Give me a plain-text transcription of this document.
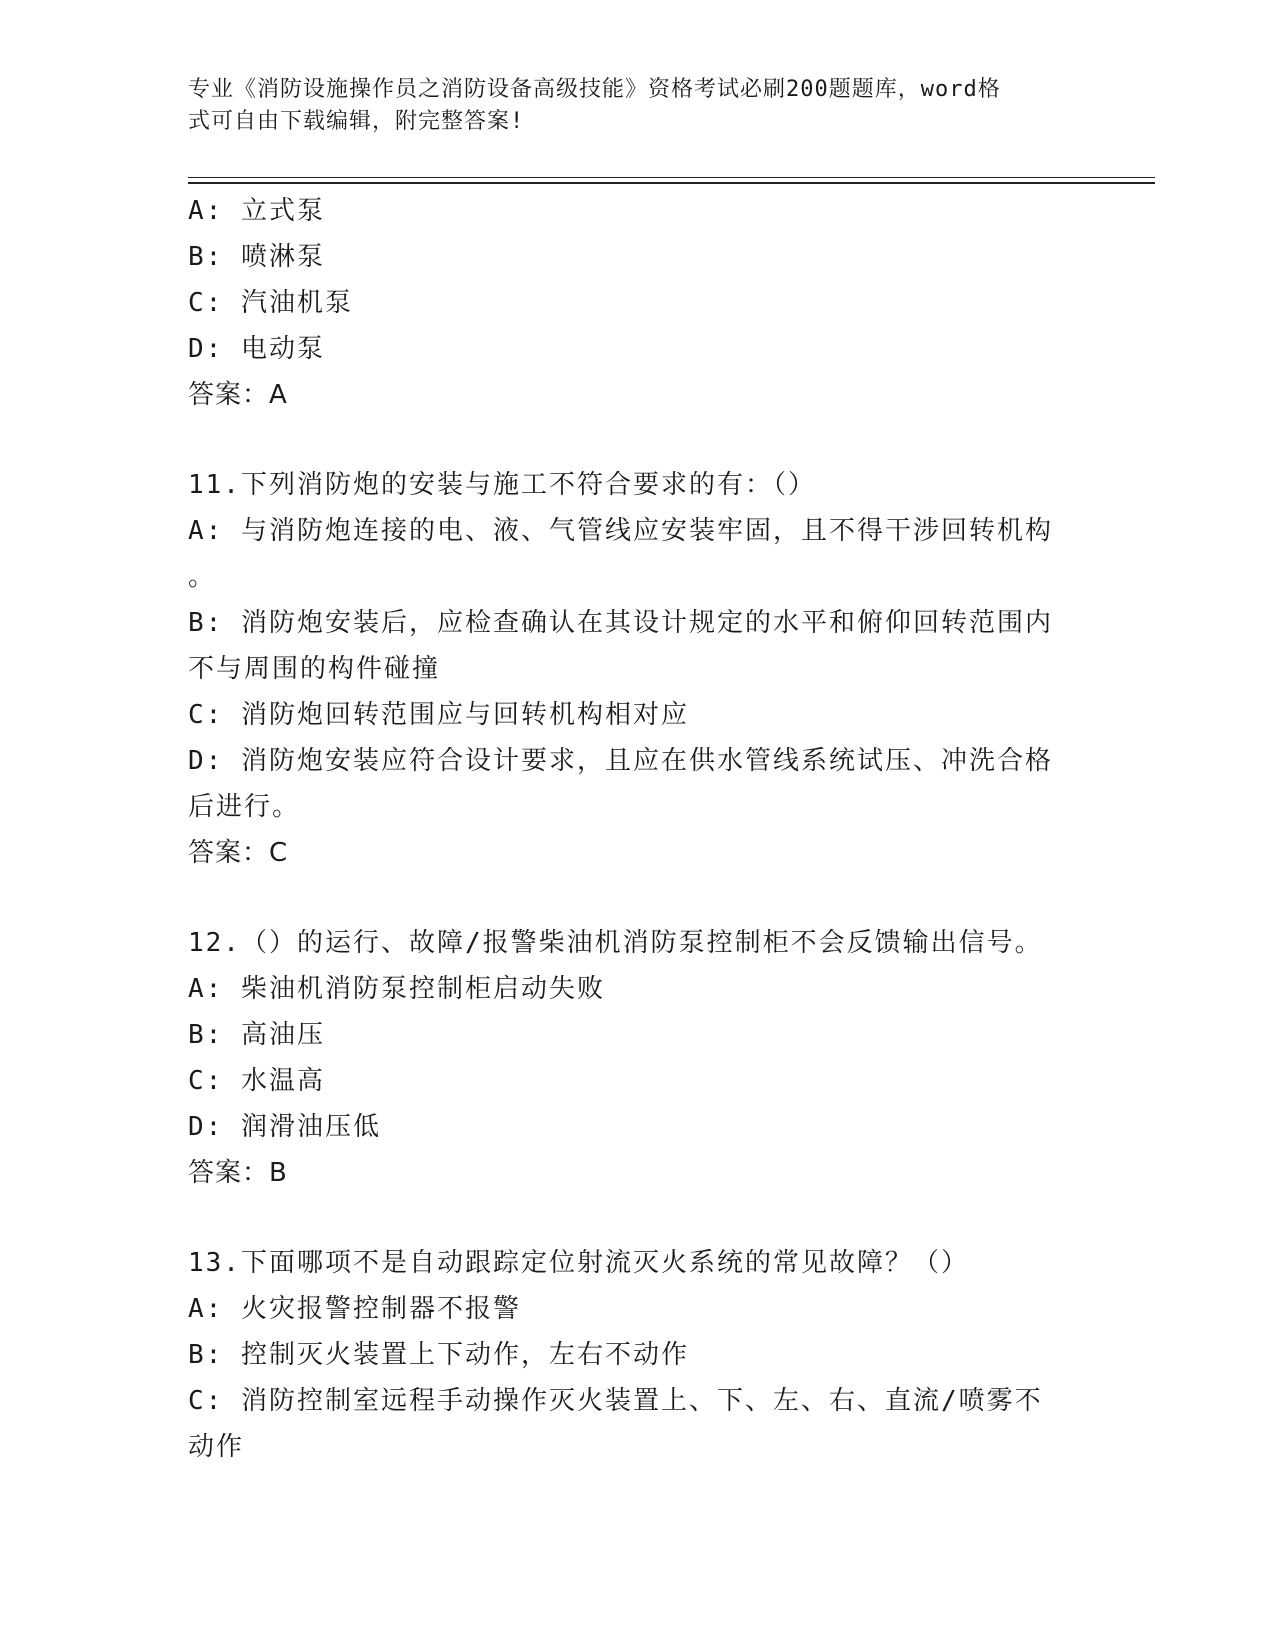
专业《消防设施操作员之消防设备高级技能》资格考试必刷200题题库，word格
式可自由下载编辑，附完整答案!
A: 立式泵
B: 喷淋泵
C: 汽油机泵
D: 电动泵
答案：A
11.下列消防炮的安装与施工不符合要求的有：（）
A: 与消防炮连接的电、液、气管线应安装牢固，且不得干涉回转机构
。
B: 消防炮安装后，应检查确认在其设计规定的水平和俯仰回转范围内
不与周围的构件碰撞
C: 消防炮回转范围应与回转机构相对应
D: 消防炮安装应符合设计要求，且应在供水管线系统试压、冲洗合格
后进行。
答案：C
12.（）的运行、故障/报警柴油机消防泵控制柜不会反馈输出信号。
A: 柴油机消防泵控制柜启动失败
B: 高油压
C: 水温高
D: 润滑油压低
答案：B
13.下面哪项不是自动跟踪定位射流灭火系统的常见故障？（）
A: 火灾报警控制器不报警
B: 控制灭火装置上下动作，左右不动作
C: 消防控制室远程手动操作灭火装置上、下、左、右、直流/喷雾不
动作
